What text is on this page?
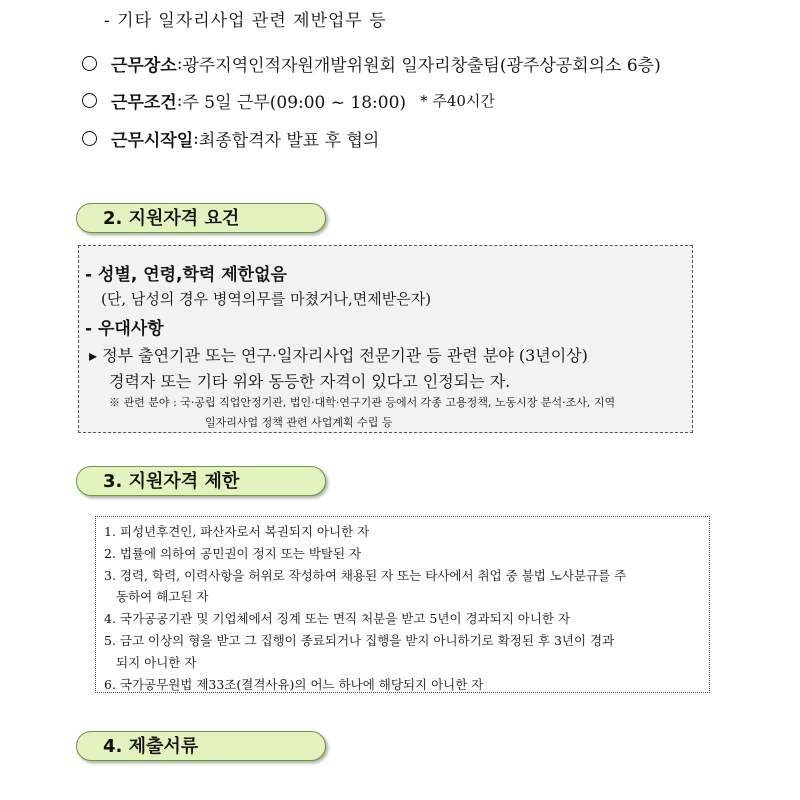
- 기타 일자리사업 관련 제반업무 등
근무장소 : 광주지역인적자원개발위원회 일자리창출팀(광주상공회의소 6층)
근무조건 : 주 5일 근무(09:00 ~ 18:00) * 주40시간
근무시작일 : 최종합격자 발표 후 협의
2. 지원자격 요건
- 성별, 연령,학력 제한없음
(단, 남성의 경우 병역의무를 마쳤거나,면제받은자)
- 우대사항
▸ 정부 출연기관 또는 연구·일자리사업 전문기관 등 관련 분야 (3년이상)
경력자 또는 기타 위와 동등한 자격이 있다고 인정되는 자.
※ 관련 분야 : 국·공립 직업안정기관, 법인·대학·연구기관 등에서 각종 고용정책, 노동시장 분석·조사, 지역
일자리사업 정책 관련 사업계획 수립 등
3. 지원자격 제한
1. 피성년후견인, 파산자로서 복권되지 아니한 자
2. 법률에 의하여 공민권이 정지 또는 박탈된 자
3. 경력, 학력, 이력사항을 허위로 작성하여 채용된 자 또는 타사에서 취업 중 불법 노사분규를 주
동하여 해고된 자
4. 국가공공기관 및 기업체에서 징계 또는 면직 처분을 받고 5년이 경과되지 아니한 자
5. 금고 이상의 형을 받고 그 집행이 종료되거나 집행을 받지 아니하기로 확정된 후 3년이 경과
되지 아니한 자
6. 국가공무원법 제33조(결격사유)의 어느 하나에 해당되지 아니한 자
4. 제출서류
